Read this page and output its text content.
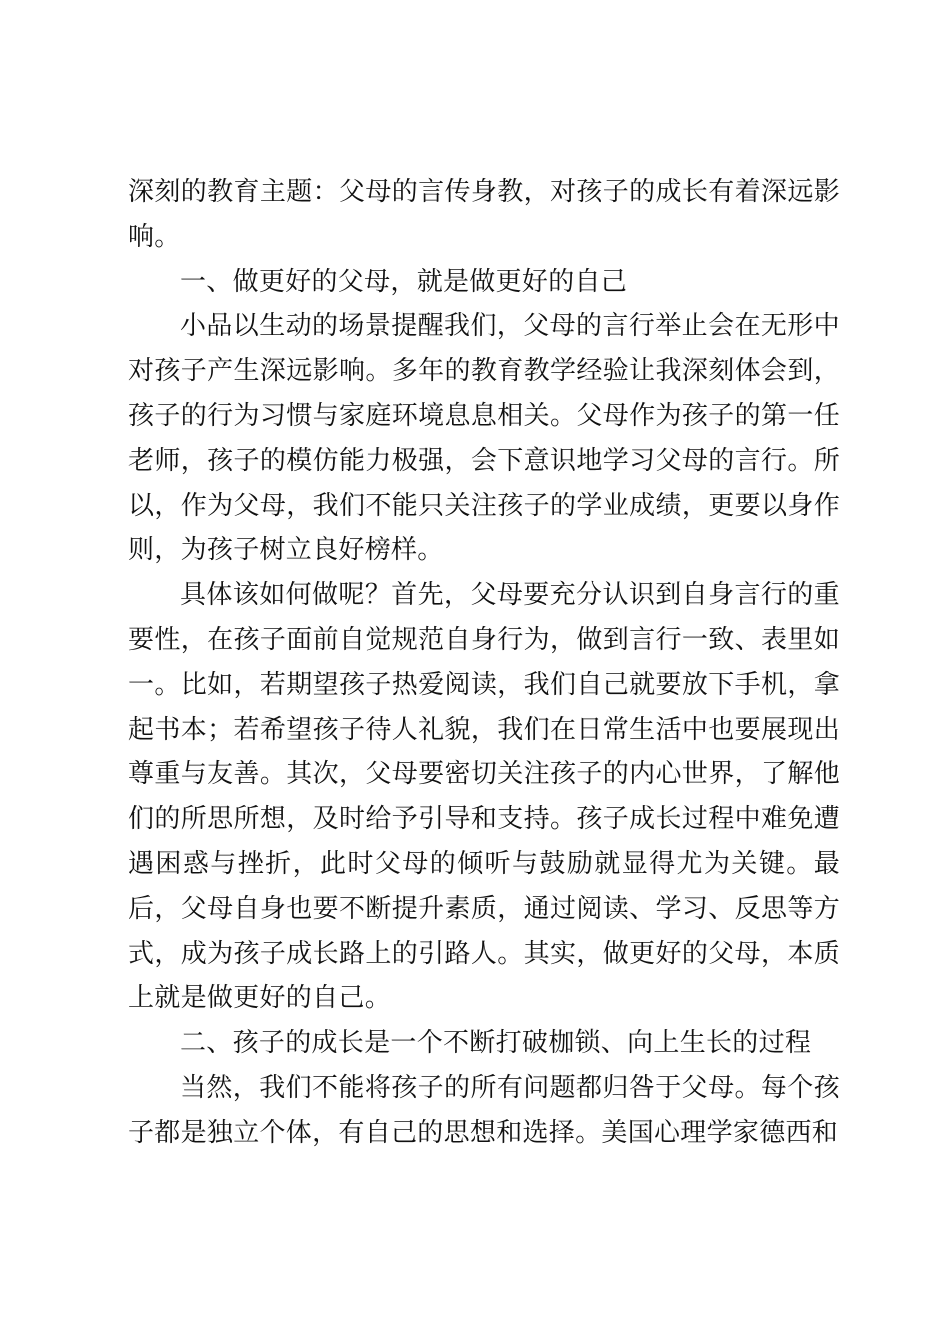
深刻的教育主题：父母的言传身教，对孩子的成长有着深远影响。

一、做更好的父母，就是做更好的自己

小品以生动的场景提醒我们，父母的言行举止会在无形中对孩子产生深远影响。多年的教育教学经验让我深刻体会到，孩子的行为习惯与家庭环境息息相关。父母作为孩子的第一任老师，孩子的模仿能力极强，会下意识地学习父母的言行。所以，作为父母，我们不能只关注孩子的学业成绩，更要以身作则，为孩子树立良好榜样。

具体该如何做呢？首先，父母要充分认识到自身言行的重要性，在孩子面前自觉规范自身行为，做到言行一致、表里如一。比如，若期望孩子热爱阅读，我们自己就要放下手机，拿起书本；若希望孩子待人礼貌，我们在日常生活中也要展现出尊重与友善。其次，父母要密切关注孩子的内心世界，了解他们的所思所想，及时给予引导和支持。孩子成长过程中难免遭遇困惑与挫折，此时父母的倾听与鼓励就显得尤为关键。最后，父母自身也要不断提升素质，通过阅读、学习、反思等方式，成为孩子成长路上的引路人。其实，做更好的父母，本质上就是做更好的自己。

二、孩子的成长是一个不断打破枷锁、向上生长的过程

当然，我们不能将孩子的所有问题都归咎于父母。每个孩子都是独立个体，有自己的思想和选择。美国心理学家德西和
